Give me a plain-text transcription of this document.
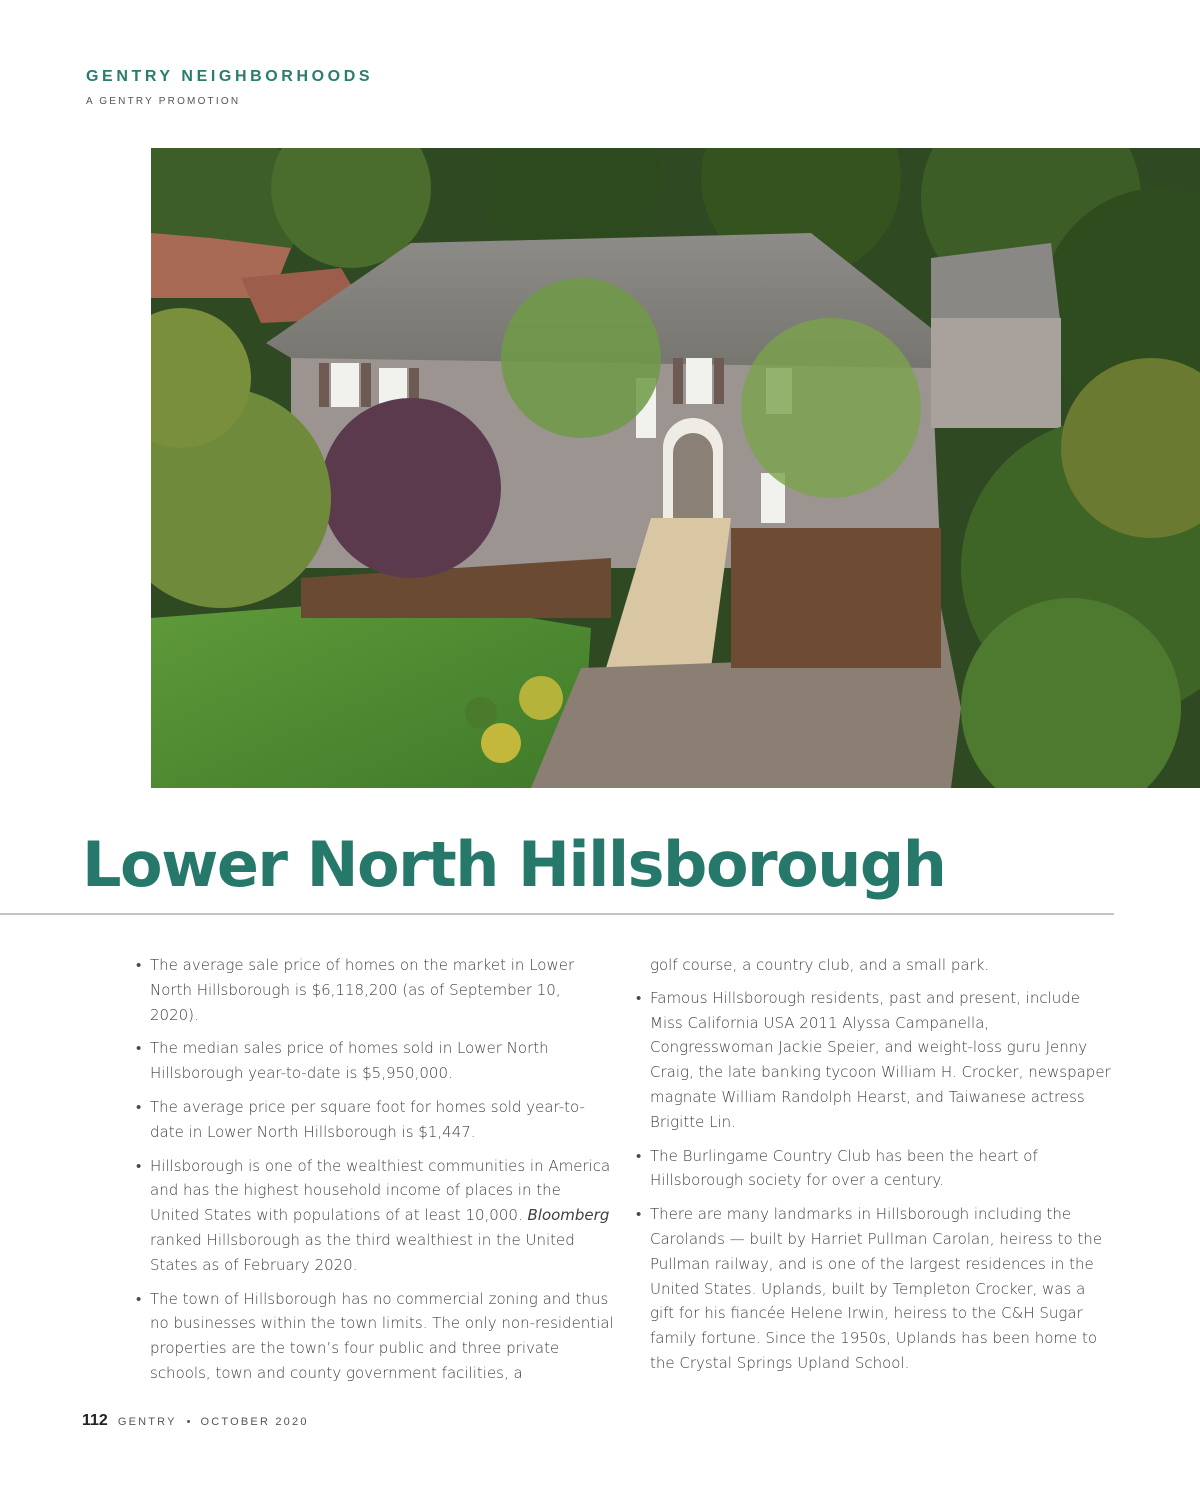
GENTRY NEIGHBORHOODS
A GENTRY PROMOTION
Lower North Hillsborough
• The average sale price of homes on the market in Lower North Hillsborough is $6,118,200 (as of September 10, 2020).
• The median sales price of homes sold in Lower North Hillsborough year-to-date is $5,950,000.
• The average price per square foot for homes sold year-to-date in Lower North Hillsborough is $1,447.
• Hillsborough is one of the wealthiest communities in America and has the highest household income of places in the United States with populations of at least 10,000. Bloomberg ranked Hillsborough as the third wealthiest in the United States as of February 2020.
• The town of Hillsborough has no commercial zoning and thus no businesses within the town limits. The only non-residential properties are the town’s four public and three private schools, town and county government facilities, a
golf course, a country club, and a small park.
• Famous Hillsborough residents, past and present, include Miss California USA 2011 Alyssa Campanella, Congresswoman Jackie Speier, and weight-loss guru Jenny Craig, the late banking tycoon William H. Crocker, newspaper magnate William Randolph Hearst, and Taiwanese actress Brigitte Lin.
• The Burlingame Country Club has been the heart of Hillsborough society for over a century.
• There are many landmarks in Hillsborough including the Carolands — built by Harriet Pullman Carolan, heiress to the Pullman railway, and is one of the largest residences in the United States. Uplands, built by Templeton Crocker, was a gift for his fiancée Helene Irwin, heiress to the C&H Sugar family fortune. Since the 1950s, Uplands has been home to the Crystal Springs Upland School.
112 GENTRY • OCTOBER 2020
